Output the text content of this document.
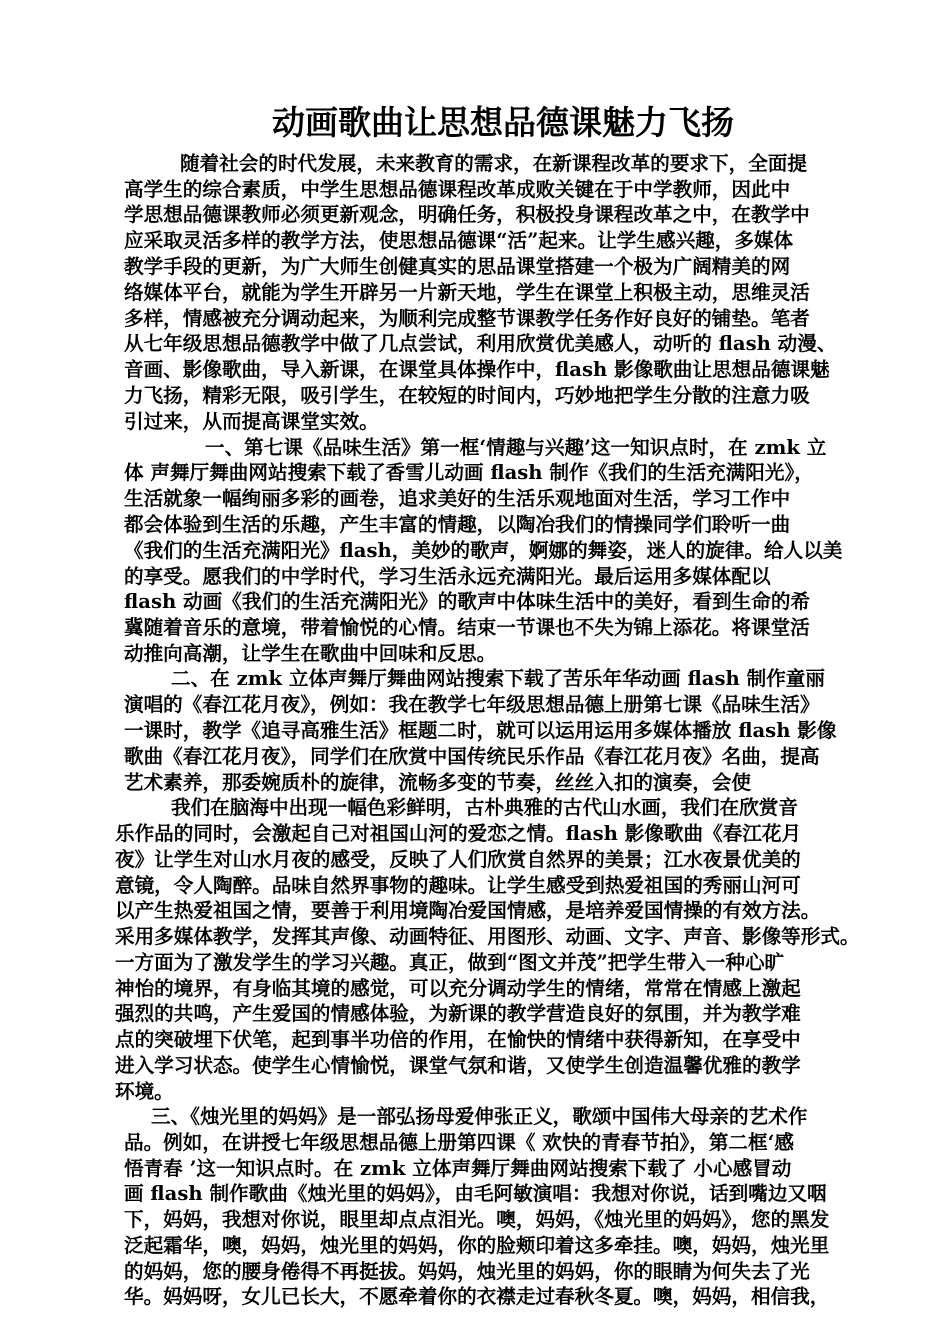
动画歌曲让思想品德课魅力飞扬
随着社会的时代发展，未来教育的需求，在新课程改革的要求下，全面提
高学生的综合素质，中学生思想品德课程改革成败关键在于中学教师，因此中
学思想品德课教师必须更新观念，明确任务，积极投身课程改革之中，在教学中
应采取灵活多样的教学方法，使思想品德课“活”起来。让学生感兴趣，多媒体
教学手段的更新，为广大师生创健真实的思品课堂搭建一个极为广阔精美的网
络媒体平台，就能为学生开辟另一片新天地，学生在课堂上积极主动，思维灵活
多样，情感被充分调动起来，为顺利完成整节课教学任务作好良好的铺垫。笔者
从七年级思想品德教学中做了几点尝试，利用欣赏优美感人，动听的 flash 动漫、
音画、影像歌曲，导入新课，在课堂具体操作中，flash 影像歌曲让思想品德课魅
力飞扬，精彩无限，吸引学生，在较短的时间内，巧妙地把学生分散的注意力吸
引过来，从而提高课堂实效。
一、第七课《品味生活》第一框‘情趣与兴趣’这一知识点时，在 zmk 立
体 声舞厅舞曲网站搜索下载了香雪儿动画 flash 制作《我们的生活充满阳光》，
生活就象一幅绚丽多彩的画卷，追求美好的生活乐观地面对生活，学习工作中
都会体验到生活的乐趣，产生丰富的情趣，以陶冶我们的情操同学们聆听一曲
《我们的生活充满阳光》flash，美妙的歌声，婀娜的舞姿，迷人的旋律。给人以美
的享受。愿我们的中学时代，学习生活永远充满阳光。最后运用多媒体配以
flash 动画《我们的生活充满阳光》的歌声中体味生活中的美好，看到生命的希
冀随着音乐的意境，带着愉悦的心情。结束一节课也不失为锦上添花。将课堂活
动推向高潮，让学生在歌曲中回味和反思。
二、在 zmk 立体声舞厅舞曲网站搜索下载了苦乐年华动画 flash 制作童丽
演唱的《春江花月夜》，例如：我在教学七年级思想品德上册第七课《品味生活》
一课时，教学《追寻高雅生活》框题二时，就可以运用运用多媒体播放 flash 影像
歌曲《春江花月夜》，同学们在欣赏中国传统民乐作品《春江花月夜》名曲，提高
艺术素养，那委婉质朴的旋律，流畅多变的节奏，丝丝入扣的演奏，会使
我们在脑海中出现一幅色彩鲜明，古朴典雅的古代山水画，我们在欣赏音
乐作品的同时，会激起自己对祖国山河的爱恋之情。flash 影像歌曲《春江花月
夜》让学生对山水月夜的感受，反映了人们欣赏自然界的美景；江水夜景优美的
意镜，令人陶醉。品味自然界事物的趣味。让学生感受到热爱祖国的秀丽山河可
以产生热爱祖国之情，要善于利用境陶冶爱国情感，是培养爱国情操的有效方法。
采用多媒体教学，发挥其声像、动画特征、用图形、动画、文字、声音、影像等形式。
一方面为了激发学生的学习兴趣。真正，做到“图文并茂”把学生带入一种心旷
神怡的境界，有身临其境的感觉，可以充分调动学生的情绪，常常在情感上激起
强烈的共鸣，产生爱国的情感体验，为新课的教学营造良好的氛围，并为教学难
点的突破埋下伏笔，起到事半功倍的作用，在愉快的情绪中获得新知，在享受中
进入学习状态。使学生心情愉悦，课堂气氛和谐，又使学生创造温馨优雅的教学
环境。
三、《烛光里的妈妈》是一部弘扬母爱伸张正义，歌颂中国伟大母亲的艺术作
品。例如，在讲授七年级思想品德上册第四课《 欢快的青春节拍》，第二框‘感
悟青春 ’这一知识点时。在 zmk 立体声舞厅舞曲网站搜索下载了 小心感冒动
画 flash 制作歌曲《烛光里的妈妈》，由毛阿敏演唱：我想对你说，话到嘴边又咽
下，妈妈，我想对你说，眼里却点点泪光。噢，妈妈，《烛光里的妈妈》，您的黑发
泛起霜华，噢，妈妈，烛光里的妈妈，你的脸颊印着这多牵挂。噢，妈妈，烛光里
的妈妈，您的腰身倦得不再挺拔。妈妈，烛光里的妈妈，你的眼睛为何失去了光
华。妈妈呀，女儿已长大，不愿牵着你的衣襟走过春秋冬夏。噢，妈妈，相信我，
